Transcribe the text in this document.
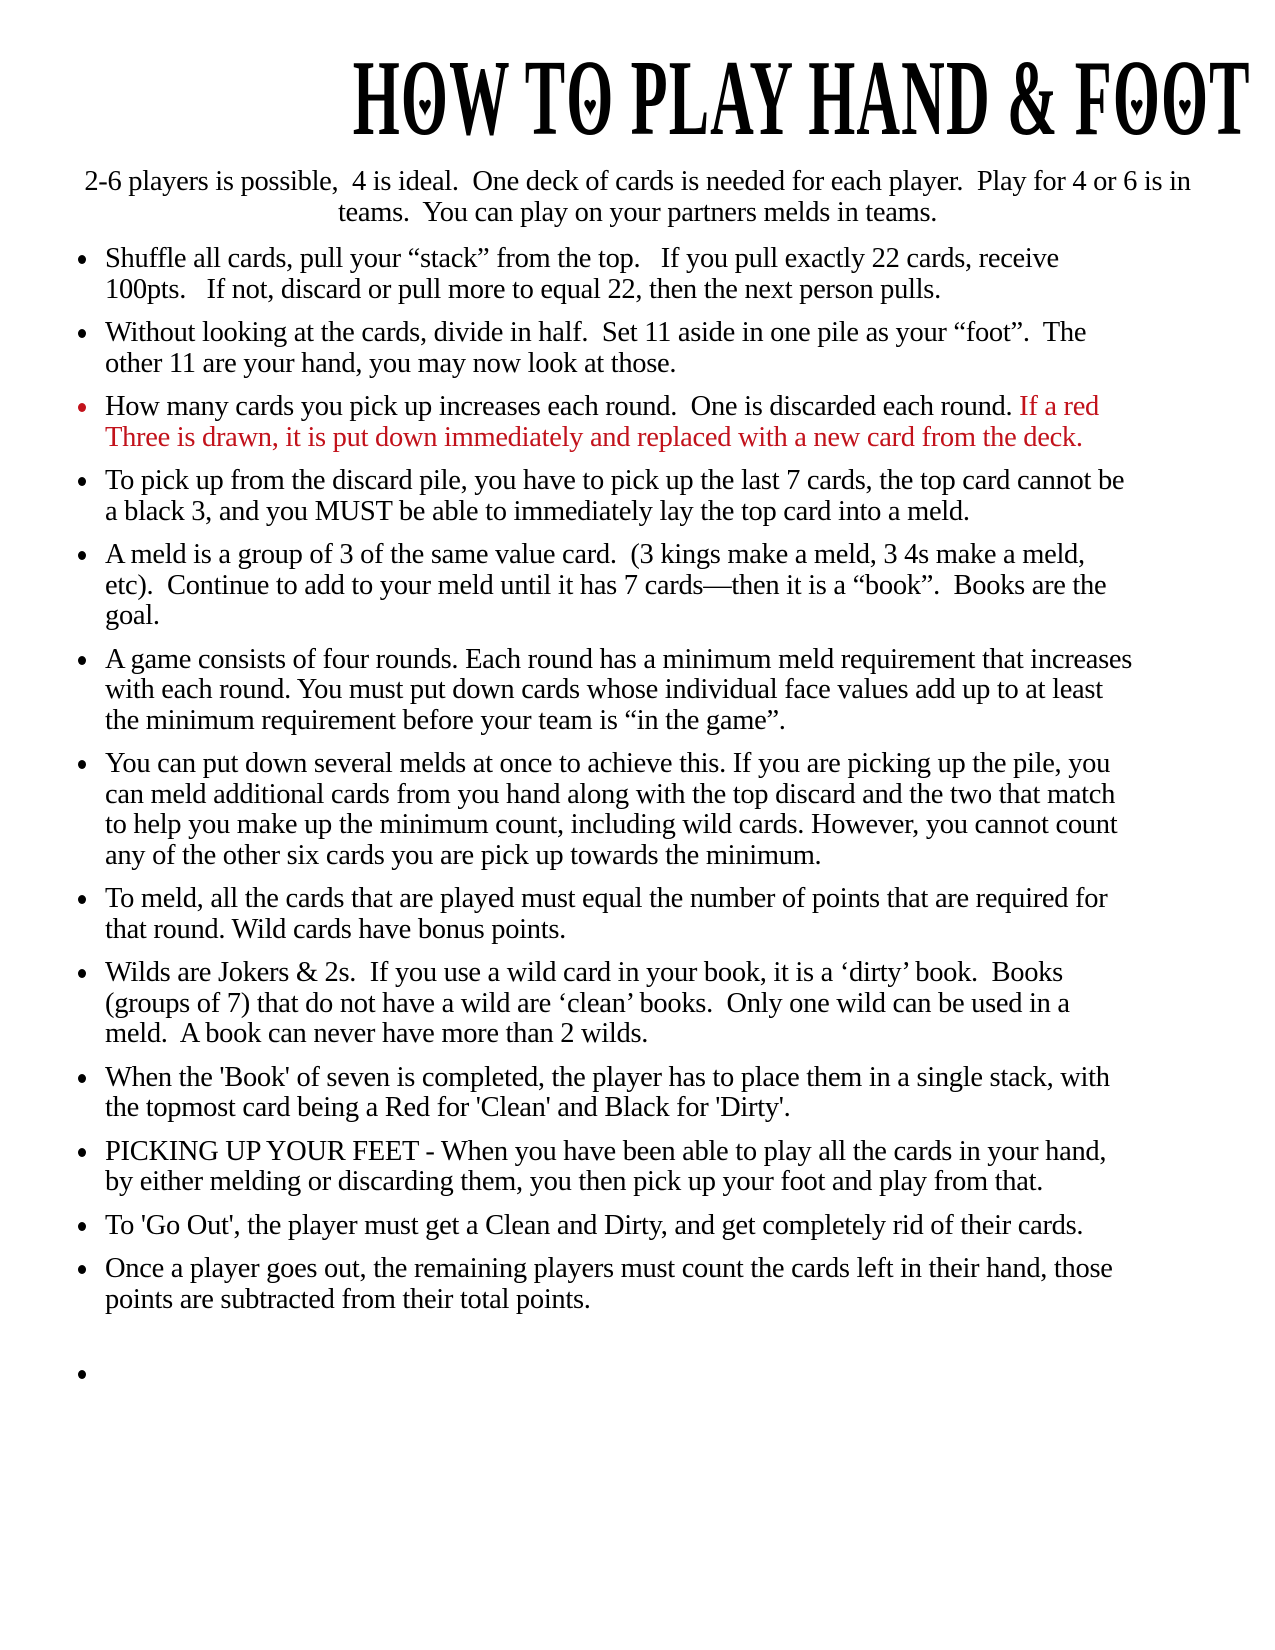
HO ♥W TO ♥ PLAY HAND & FO ♥O ♥T

2-6 players is possible,  4 is ideal.  One deck of cards is needed for each player.  Play for 4 or 6 is in teams.  You can play on your partners melds in teams.

Shuffle all cards, pull your “stack” from the top.   If you pull exactly 22 cards, receive 100pts.   If not, discard or pull more to equal 22, then the next person pulls.
Without looking at the cards, divide in half.  Set 11 aside in one pile as your “foot”.  The other 11 are your hand, you may now look at those.
How many cards you pick up increases each round.  One is discarded each round. If a red Three is drawn, it is put down immediately and replaced with a new card from the deck.
To pick up from the discard pile, you have to pick up the last 7 cards, the top card cannot be a black 3, and you MUST be able to immediately lay the top card into a meld.
A meld is a group of 3 of the same value card.  (3 kings make a meld, 3 4s make a meld, etc).  Continue to add to your meld until it has 7 cards—then it is a “book”.  Books are the goal.
A game consists of four rounds. Each round has a minimum meld requirement that increases with each round. You must put down cards whose individual face values add up to at least the minimum requirement before your team is “in the game”.
You can put down several melds at once to achieve this. If you are picking up the pile, you can meld additional cards from you hand along with the top discard and the two that match to help you make up the minimum count, including wild cards. However, you cannot count any of the other six cards you are pick up towards the minimum.
To meld, all the cards that are played must equal the number of points that are required for that round. Wild cards have bonus points.
Wilds are Jokers & 2s.  If you use a wild card in your book, it is a ‘dirty’ book.  Books (groups of 7) that do not have a wild are ‘clean’ books.  Only one wild can be used in a meld.  A book can never have more than 2 wilds.
When the 'Book' of seven is completed, the player has to place them in a single stack, with the topmost card being a Red for 'Clean' and Black for 'Dirty'.
PICKING UP YOUR FEET - When you have been able to play all the cards in your hand, by either melding or discarding them, you then pick up your foot and play from that.
To 'Go Out', the player must get a Clean and Dirty, and get completely rid of their cards.
Once a player goes out, the remaining players must count the cards left in their hand, those points are subtracted from their total points.
